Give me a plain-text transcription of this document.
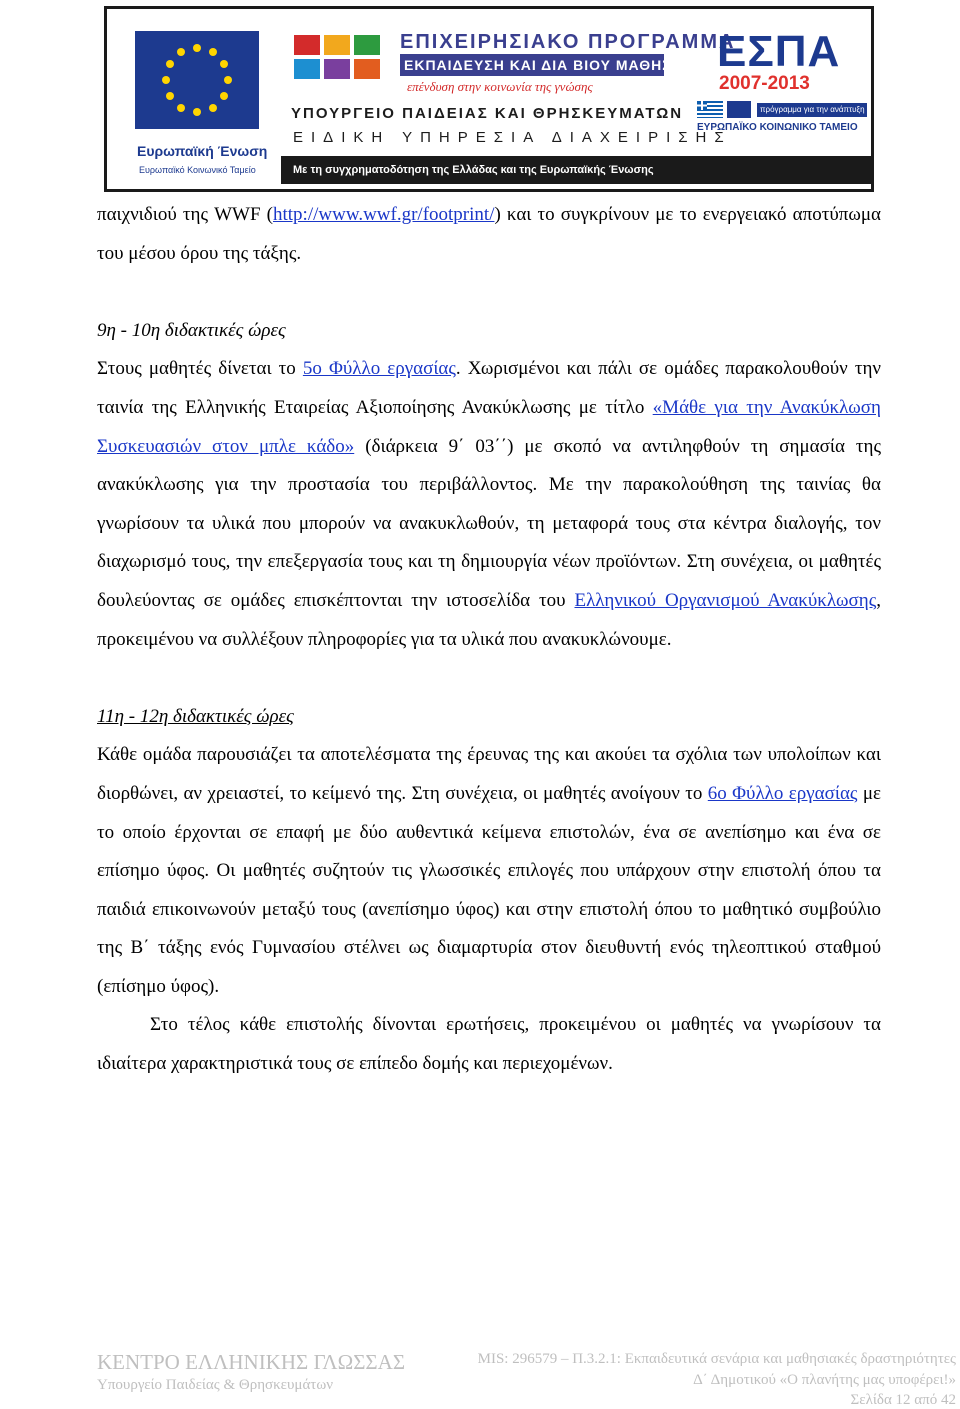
Ευρωπαϊκή Ένωση
Ευρωπαϊκό Κοινωνικό Ταμείο
ΕΠΙΧΕΙΡΗΣΙΑΚΟ ΠΡΟΓΡΑΜΜΑ
ΕΚΠΑΙΔΕΥΣΗ ΚΑΙ ΔΙΑ ΒΙΟΥ ΜΑΘΗΣΗ
επένδυση στην κοινωνία της γνώσης
ΥΠΟΥΡΓΕΙΟ ΠΑΙΔΕΙΑΣ ΚΑΙ ΘΡΗΣΚΕΥΜΑΤΩΝ
ΕΙΔΙΚΗ ΥΠΗΡΕΣΙΑ ΔΙΑΧΕΙΡΙΣΗΣ
Με τη συγχρηματοδότηση της Ελλάδας και της Ευρωπαϊκής Ένωσης
ΕΣΠΑ
2007-2013
πρόγραμμα για την ανάπτυξη
ΕΥΡΩΠΑΪΚΟ ΚΟΙΝΩΝΙΚΟ ΤΑΜΕΙΟ

παιχνιδιού της WWF (http://www.wwf.gr/footprint/) και το συγκρίνουν με το ενεργειακό αποτύπωμα του μέσου όρου της τάξης.

9η - 10η διδακτικές ώρες

Στους μαθητές δίνεται το 5ο Φύλλο εργασίας. Χωρισμένοι και πάλι σε ομάδες παρακολουθούν την ταινία της Ελληνικής Εταιρείας Αξιοποίησης Ανακύκλωσης με τίτλο «Μάθε για την Ανακύκλωση Συσκευασιών στον μπλε κάδο» (διάρκεια 9΄ 03΄΄) με σκοπό να αντιληφθούν τη σημασία της ανακύκλωσης για την προστασία του περιβάλλοντος. Με την παρακολούθηση της ταινίας θα γνωρίσουν τα υλικά που μπορούν να ανακυκλωθούν, τη μεταφορά τους στα κέντρα διαλογής, τον διαχωρισμό τους, την επεξεργασία τους και τη δημιουργία νέων προϊόντων. Στη συνέχεια, οι μαθητές δουλεύοντας σε ομάδες επισκέπτονται την ιστοσελίδα του Ελληνικού Οργανισμού Ανακύκλωσης, προκειμένου να συλλέξουν πληροφορίες για τα υλικά που ανακυκλώνουμε.

11η - 12η διδακτικές ώρες

Κάθε ομάδα παρουσιάζει τα αποτελέσματα της έρευνας της και ακούει τα σχόλια των υπολοίπων και διορθώνει, αν χρειαστεί, το κείμενό της. Στη συνέχεια, οι μαθητές ανοίγουν το 6ο Φύλλο εργασίας με το οποίο έρχονται σε επαφή με δύο αυθεντικά κείμενα επιστολών, ένα σε ανεπίσημο και ένα σε επίσημο ύφος. Οι μαθητές συζητούν τις γλωσσικές επιλογές που υπάρχουν στην επιστολή όπου τα παιδιά επικοινωνούν μεταξύ τους (ανεπίσημο ύφος) και στην επιστολή όπου το μαθητικό συμβούλιο της Β΄ τάξης ενός Γυμνασίου στέλνει ως διαμαρτυρία στον διευθυντή ενός τηλεοπτικού σταθμού (επίσημο ύφος).

Στο τέλος κάθε επιστολής δίνονται ερωτήσεις, προκειμένου οι μαθητές να γνωρίσουν τα ιδιαίτερα χαρακτηριστικά τους σε επίπεδο δομής και περιεχομένων.

ΚΕΝΤΡΟ ΕΛΛΗΝΙΚΗΣ ΓΛΩΣΣΑΣ
Υπουργείο Παιδείας & Θρησκευμάτων
MIS: 296579 – Π.3.2.1: Εκπαιδευτικά σενάρια και μαθησιακές δραστηριότητες
Δ΄ Δημοτικού «Ο πλανήτης μας υποφέρει!»
Σελίδα 12 από 42
